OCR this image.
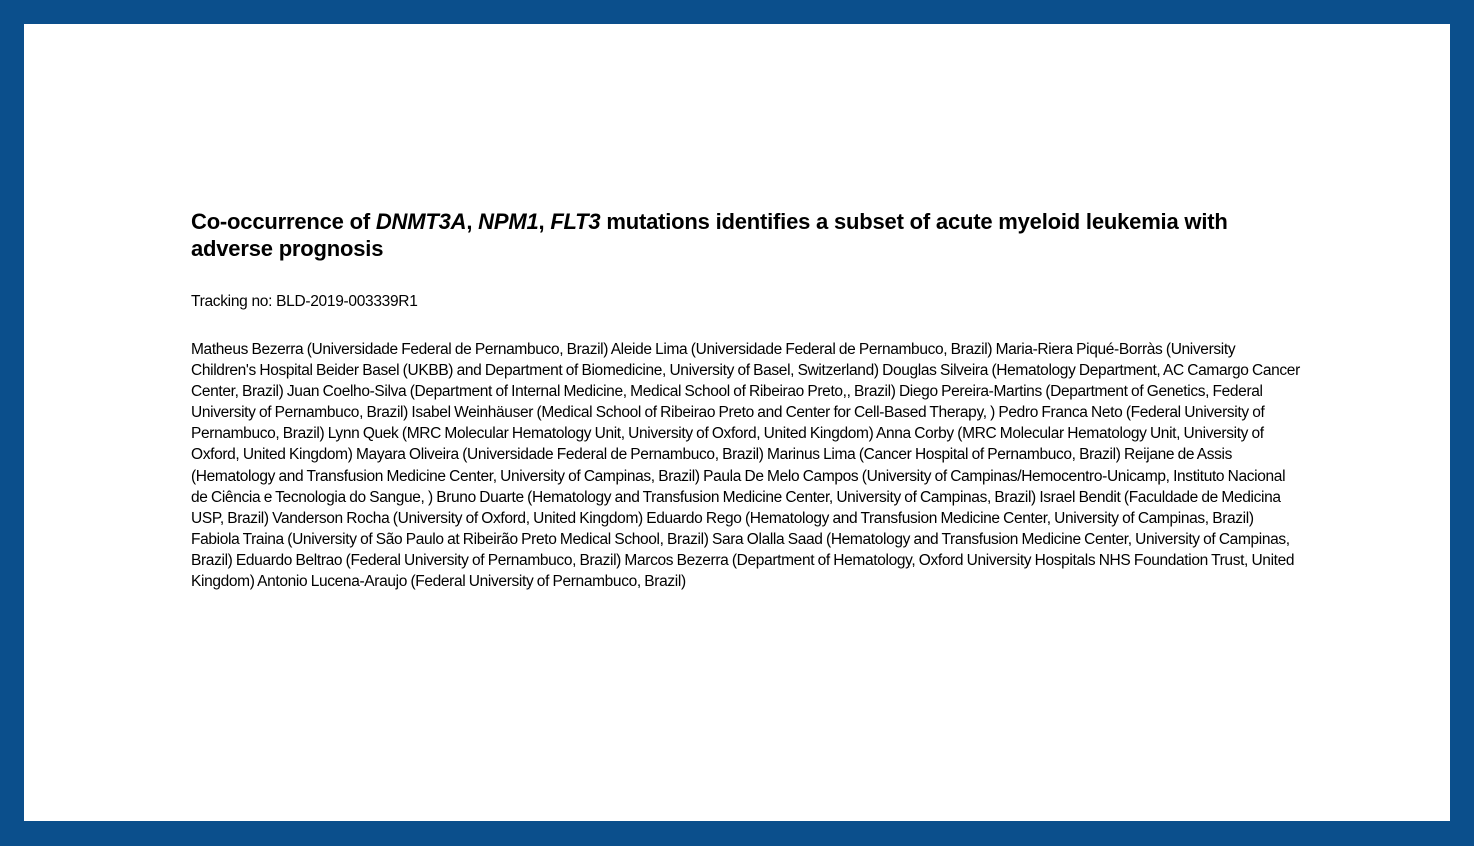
Co-occurrence of DNMT3A, NPM1, FLT3 mutations identifies a subset of acute myeloid leukemia with adverse prognosis

Tracking no: BLD-2019-003339R1

Matheus Bezerra (Universidade Federal de Pernambuco, Brazil) Aleide Lima (Universidade Federal de Pernambuco, Brazil) Maria-Riera Piqué-Borràs (University Children's Hospital Beider Basel (UKBB) and Department of Biomedicine, University of Basel, Switzerland) Douglas Silveira (Hematology Department, AC Camargo Cancer Center, Brazil) Juan Coelho-Silva (Department of Internal Medicine, Medical School of Ribeirao Preto,, Brazil) Diego Pereira-Martins (Department of Genetics, Federal University of Pernambuco, Brazil) Isabel Weinhäuser (Medical School of Ribeirao Preto and Center for Cell-Based Therapy, ) Pedro Franca Neto (Federal University of Pernambuco, Brazil) Lynn Quek (MRC Molecular Hematology Unit, University of Oxford, United Kingdom) Anna Corby (MRC Molecular Hematology Unit, University of Oxford, United Kingdom) Mayara Oliveira (Universidade Federal de Pernambuco, Brazil) Marinus Lima (Cancer Hospital of Pernambuco, Brazil) Reijane de Assis (Hematology and Transfusion Medicine Center, University of Campinas, Brazil) Paula De Melo Campos (University of Campinas/Hemocentro-Unicamp, Instituto Nacional de Ciência e Tecnologia do Sangue, ) Bruno Duarte (Hematology and Transfusion Medicine Center, University of Campinas, Brazil) Israel Bendit (Faculdade de Medicina USP, Brazil) Vanderson Rocha (University of Oxford, United Kingdom) Eduardo Rego (Hematology and Transfusion Medicine Center, University of Campinas, Brazil) Fabiola Traina (University of São Paulo at Ribeirão Preto Medical School, Brazil) Sara Olalla Saad (Hematology and Transfusion Medicine Center, University of Campinas, Brazil) Eduardo Beltrao (Federal University of Pernambuco, Brazil) Marcos Bezerra (Department of Hematology, Oxford University Hospitals NHS Foundation Trust, United Kingdom) Antonio Lucena-Araujo (Federal University of Pernambuco, Brazil)
